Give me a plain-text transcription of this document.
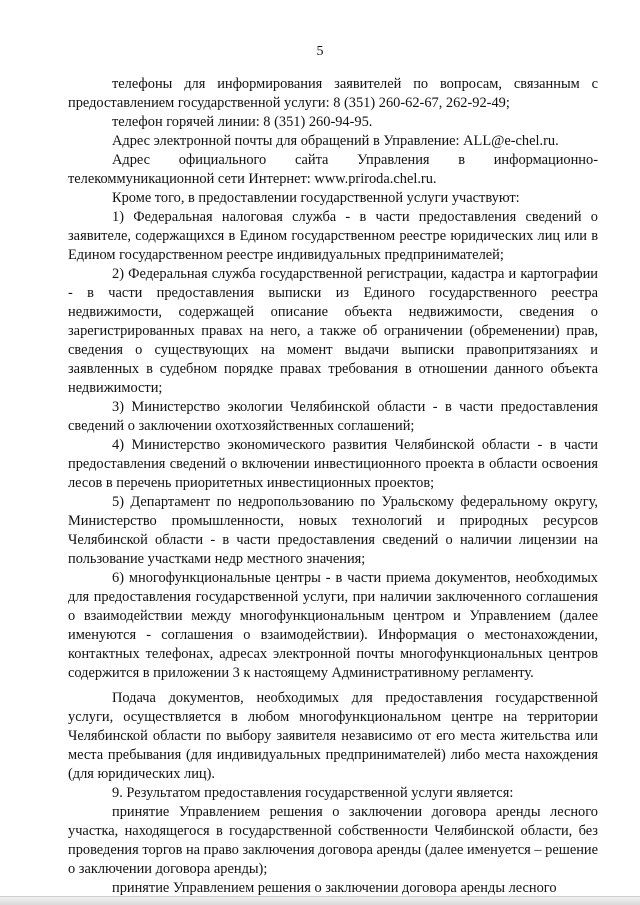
5

телефоны для информирования заявителей по вопросам, связанным с предоставлением государственной услуги: 8 (351) 260-62-67, 262-92-49;

телефон горячей линии: 8 (351) 260-94-95.

Адрес электронной почты для обращений в Управление: ALL@e-chel.ru.

Адрес официального сайта Управления в информационно-телекоммуникационной сети Интернет: www.priroda.chel.ru.

Кроме того, в предоставлении государственной услуги участвуют:

1) Федеральная налоговая служба - в части предоставления сведений о заявителе, содержащихся в Едином государственном реестре юридических лиц или в Едином государственном реестре индивидуальных предпринимателей;

2) Федеральная служба государственной регистрации, кадастра и картографии - в части предоставления выписки из Единого государственного реестра недвижимости, содержащей описание объекта недвижимости, сведения о зарегистрированных правах на него, а также об ограничении (обременении) прав, сведения о существующих на момент выдачи выписки правопритязаниях и заявленных в судебном порядке правах требования в отношении данного объекта недвижимости;

3) Министерство экологии Челябинской области - в части предоставления сведений о заключении охотхозяйственных соглашений;

4) Министерство экономического развития Челябинской области - в части предоставления сведений о включении инвестиционного проекта в области освоения лесов в перечень приоритетных инвестиционных проектов;

5) Департамент по недропользованию по Уральскому федеральному округу, Министерство промышленности, новых технологий и природных ресурсов Челябинской области - в части предоставления сведений о наличии лицензии на пользование участками недр местного значения;

6) многофункциональные центры - в части приема документов, необходимых для предоставления государственной услуги, при наличии заключенного соглашения о взаимодействии между многофункциональным центром и Управлением (далее именуются - соглашения о взаимодействии). Информация о местонахождении, контактных телефонах, адресах электронной почты многофункциональных центров содержится в приложении 3 к настоящему Административному регламенту.

Подача документов, необходимых для предоставления государственной услуги, осуществляется в любом многофункциональном центре на территории Челябинской области по выбору заявителя независимо от его места жительства или места пребывания (для индивидуальных предпринимателей) либо места нахождения (для юридических лиц).

9. Результатом предоставления государственной услуги является:

принятие Управлением решения о заключении договора аренды лесного участка, находящегося в государственной собственности Челябинской области, без проведения торгов на право заключения договора аренды (далее именуется – решение о заключении договора аренды);

принятие Управлением решения о заключении договора аренды лесного
